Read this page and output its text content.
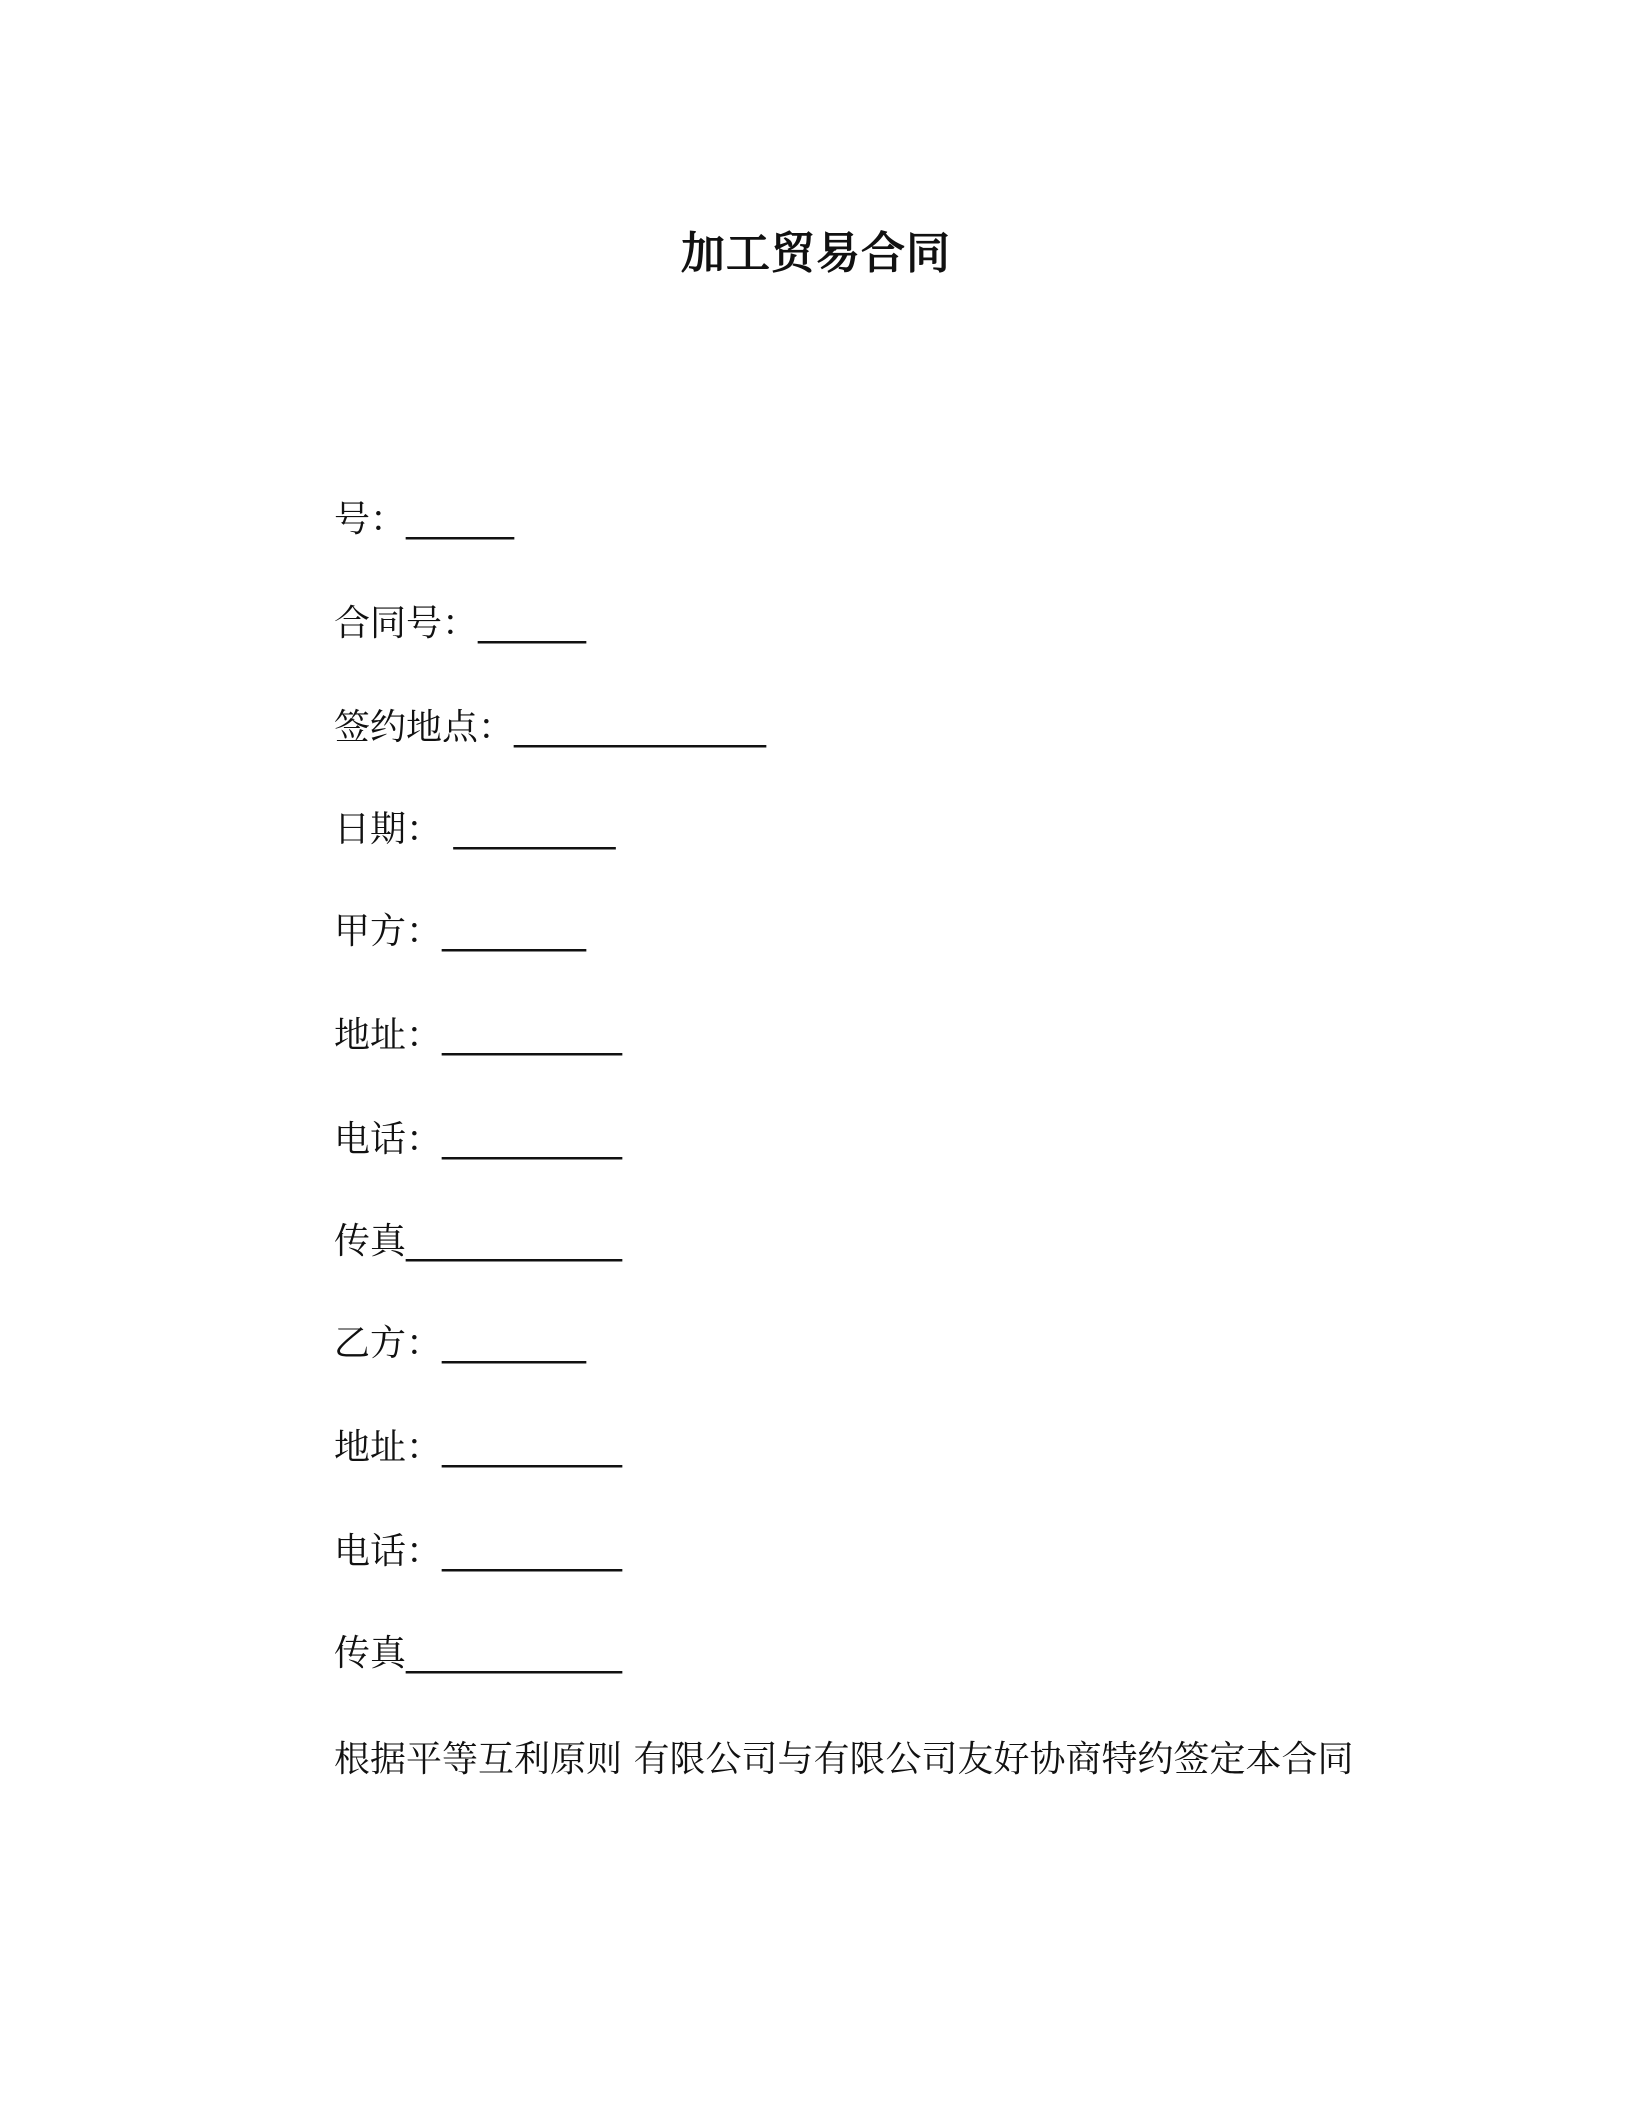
加工贸易合同
号：______
合同号：______
签约地点：______________
日期： _________
甲方：________
地址：__________
电话：__________
传真____________
乙方：________
地址：__________
电话：__________
传真____________
根据平等互利原则 有限公司与有限公司友好协商特约签定本合同
